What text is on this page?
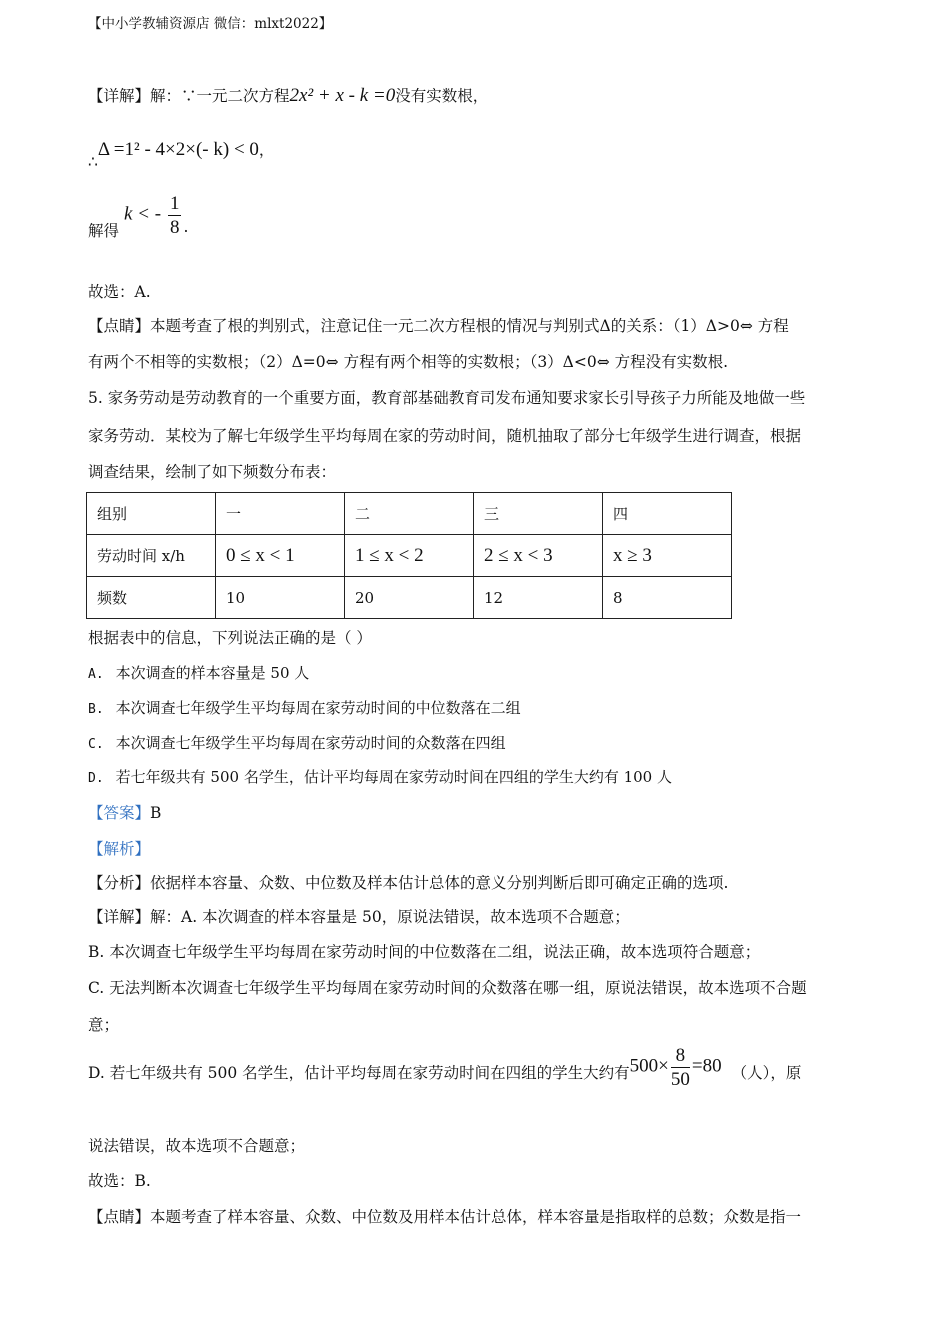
【中小学教辅资源店 微信：mlxt2022】
【详解】解：∵一元二次方程2x² + x - k =0没有实数根，
∴Δ =1² - 4×2×(- k) < 0，
解得 k < - $\frac{1}{8}$ .
故选：A.
【点睛】本题考查了根的判别式，注意记住一元二次方程根的情况与判别式Δ的关系：（1）Δ>0⇔ 方程
有两个不相等的实数根；（2）Δ=0⇔ 方程有两个相等的实数根；（3）Δ<0⇔ 方程没有实数根.
5. 家务劳动是劳动教育的一个重要方面，教育部基础教育司发布通知要求家长引导孩子力所能及地做一些
家务劳动．某校为了解七年级学生平均每周在家的劳动时间，随机抽取了部分七年级学生进行调查，根据
调查结果，绘制了如下频数分布表：
组别	一	二	三	四
劳动时间 x/h	0 ≤ x < 1	1 ≤ x < 2	2 ≤ x < 3	x ≥ 3
频数	10	20	12	8
根据表中的信息，下列说法正确的是（ ）
A. 本次调查的样本容量是 50 人
B. 本次调查七年级学生平均每周在家劳动时间的中位数落在二组
C. 本次调查七年级学生平均每周在家劳动时间的众数落在四组
D. 若七年级共有 500 名学生，估计平均每周在家劳动时间在四组的学生大约有 100 人
【答案】B
【解析】
【分析】依据样本容量、众数、中位数及样本估计总体的意义分别判断后即可确定正确的选项.
【详解】解：A. 本次调查的样本容量是 50，原说法错误，故本选项不合题意；
B. 本次调查七年级学生平均每周在家劳动时间的中位数落在二组，说法正确，故本选项符合题意；
C. 无法判断本次调查七年级学生平均每周在家劳动时间的众数落在哪一组，原说法错误，故本选项不合题
意；
D. 若七年级共有 500 名学生，估计平均每周在家劳动时间在四组的学生大约有$500\times \frac{8}{50} =80$ （人），原
说法错误，故本选项不合题意；
故选：B.
【点睛】本题考查了样本容量、众数、中位数及用样本估计总体，样本容量是指取样的总数；众数是指一
